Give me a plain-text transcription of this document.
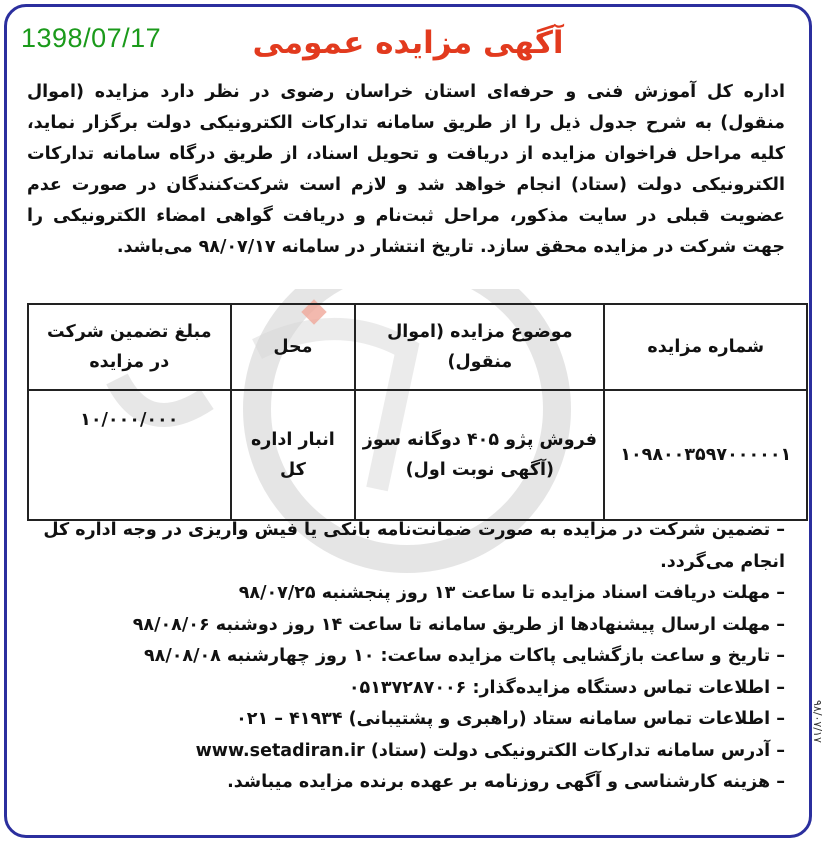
1398/07/17	آگهی مزایده عمومی

اداره کل آموزش فنی و حرفه‌ای استان خراسان رضوی در نظر دارد مزایده (اموال منقول) به شرح جدول ذیل را از طریق سامانه تدارکات الکترونیکی دولت برگزار نماید، کلیه مراحل فراخوان مزایده از دریافت و تحویل اسناد، از طریق درگاه سامانه تدارکات الکترونیکی دولت (ستاد) انجام خواهد شد و لازم است شرکت‌کنندگان در صورت عدم عضویت قبلی در سایت مذکور، مراحل ثبت‌نام و دریافت گواهی امضاء الکترونیکی را جهت شرکت در مزایده محقق سازد. تاریخ انتشار در سامانه ۹۸/۰۷/۱۷ می‌باشد.

شماره مزایده	موضوع مزایده (اموال منقول)	محل	مبلغ تضمین شرکت در مزایده
۱۰۹۸۰۰۳۵۹۷۰۰۰۰۰۱	فروش پژو ۴۰۵ دوگانه سوز (آگهی نوبت اول)	انبار اداره کل	۱۰/۰۰۰/۰۰۰
– تضمین شرکت در مزایده به صورت ضمانت‌نامه بانکی یا فیش واریزی در وجه اداره کل انجام می‌گردد.
– مهلت دریافت اسناد مزایده تا ساعت ۱۳ روز پنجشنبه ۹۸/۰۷/۲۵
– مهلت ارسال پیشنهادها از طریق سامانه تا ساعت ۱۴ روز دوشنبه ۹۸/۰۸/۰۶
– تاریخ و ساعت بازگشایی پاکات مزایده ساعت: ۱۰ روز چهارشنبه ۹۸/۰۸/۰۸
– اطلاعات تماس دستگاه مزایده‌گذار: ۰۵۱۳۷۲۸۷۰۰۶
– اطلاعات تماس سامانه ستاد (راهبری و پشتیبانی) ۴۱۹۳۴ – ۰۲۱
– آدرس سامانه تدارکات الکترونیکی دولت (ستاد) www.setadiran.ir
– هزینه کارشناسی و آگهی روزنامه بر عهده برنده مزایده میباشد.
۹۸/۰۷/۱۷
